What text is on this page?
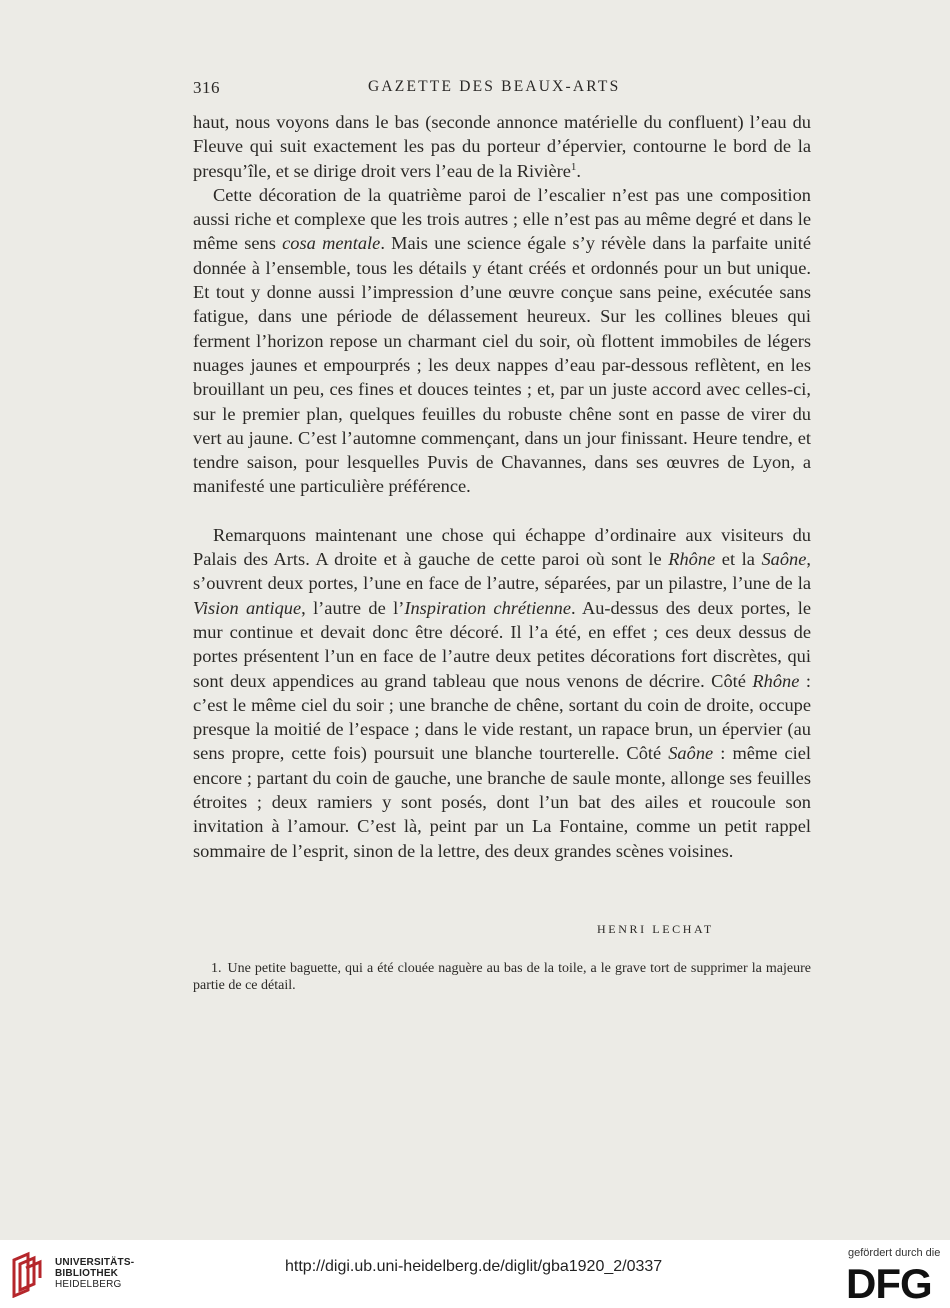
316	GAZETTE DES BEAUX-ARTS

haut, nous voyons dans le bas (seconde annonce matérielle du confluent) l’eau du Fleuve qui suit exactement les pas du porteur d’épervier, contourne le bord de la presqu’île, et se dirige droit vers l’eau de la Rivière$^1$.

Cette décoration de la quatrième paroi de l’escalier n’est pas une composition aussi riche et complexe que les trois autres ; elle n’est pas au même degré et dans le même sens cosa mentale. Mais une science égale s’y révèle dans la parfaite unité donnée à l’ensemble, tous les détails y étant créés et ordonnés pour un but unique. Et tout y donne aussi l’impression d’une œuvre conçue sans peine, exécutée sans fatigue, dans une période de délassement heureux. Sur les collines bleues qui ferment l’horizon repose un charmant ciel du soir, où flottent immobiles de légers nuages jaunes et empourprés ; les deux nappes d’eau par-dessous reflètent, en les brouillant un peu, ces fines et douces teintes ; et, par un juste accord avec celles-ci, sur le premier plan, quelques feuilles du robuste chêne sont en passe de virer du vert au jaune. C’est l’automne commençant, dans un jour finissant. Heure tendre, et tendre saison, pour lesquelles Puvis de Chavannes, dans ses œuvres de Lyon, a manifesté une particulière préférence.

Remarquons maintenant une chose qui échappe d’ordinaire aux visiteurs du Palais des Arts. A droite et à gauche de cette paroi où sont le Rhône et la Saône, s’ouvrent deux portes, l’une en face de l’autre, séparées, par un pilastre, l’une de la Vision antique, l’autre de l’Inspiration chrétienne. Au-dessus des deux portes, le mur continue et devait donc être décoré. Il l’a été, en effet ; ces deux dessus de portes présentent l’un en face de l’autre deux petites décorations fort discrètes, qui sont deux appendices au grand tableau que nous venons de décrire. Côté Rhône : c’est le même ciel du soir ; une branche de chêne, sortant du coin de droite, occupe presque la moitié de l’espace ; dans le vide restant, un rapace brun, un épervier (au sens propre, cette fois) poursuit une blanche tourterelle. Côté Saône : même ciel encore ; partant du coin de gauche, une branche de saule monte, allonge ses feuilles étroites ; deux ramiers y sont posés, dont l’un bat des ailes et roucoule son invitation à l’amour. C’est là, peint par un La Fontaine, comme un petit rappel sommaire de l’esprit, sinon de la lettre, des deux grandes scènes voisines.

HENRI LECHAT
1. Une petite baguette, qui a été clouée naguère au bas de la toile, a le grave tort de supprimer la majeure partie de ce détail.
UNIVERSITÄTS-
BIBLIOTHEK
HEIDELBERG
http://digi.ub.uni-heidelberg.de/diglit/gba1920_2/0337
gefördert durch die
DFG
